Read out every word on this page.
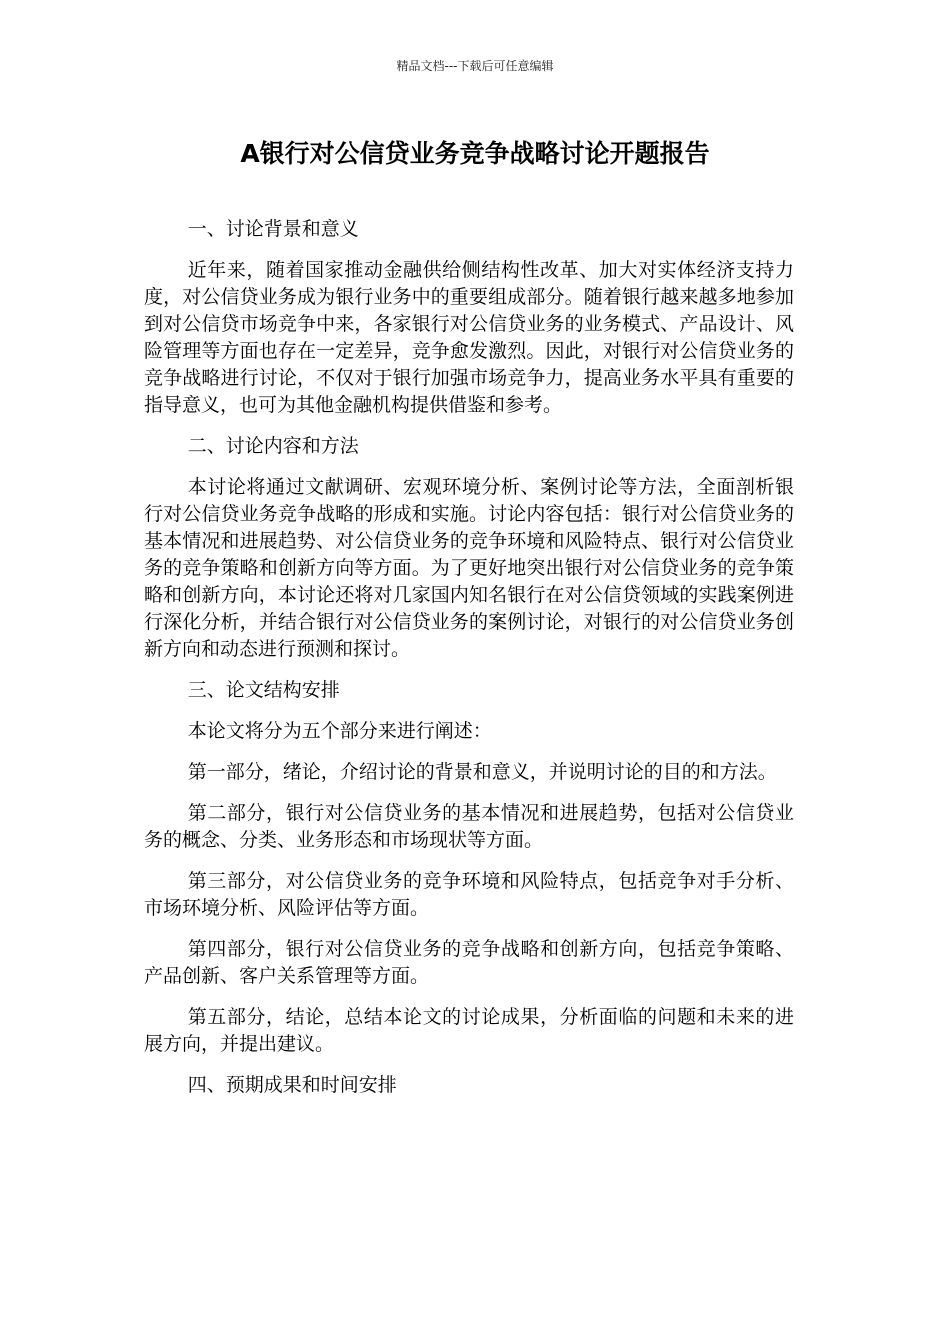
精品文档---下载后可任意编辑
A银行对公信贷业务竞争战略讨论开题报告

一、讨论背景和意义

近年来，随着国家推动金融供给侧结构性改革、加大对实体经济支持力度，对公信贷业务成为银行业务中的重要组成部分。随着银行越来越多地参加到对公信贷市场竞争中来，各家银行对公信贷业务的业务模式、产品设计、风险管理等方面也存在一定差异，竞争愈发激烈。因此，对银行对公信贷业务的竞争战略进行讨论，不仅对于银行加强市场竞争力，提高业务水平具有重要的指导意义，也可为其他金融机构提供借鉴和参考。

二、讨论内容和方法

本讨论将通过文献调研、宏观环境分析、案例讨论等方法，全面剖析银行对公信贷业务竞争战略的形成和实施。讨论内容包括：银行对公信贷业务的基本情况和进展趋势、对公信贷业务的竞争环境和风险特点、银行对公信贷业务的竞争策略和创新方向等方面。为了更好地突出银行对公信贷业务的竞争策略和创新方向，本讨论还将对几家国内知名银行在对公信贷领域的实践案例进行深化分析，并结合银行对公信贷业务的案例讨论，对银行的对公信贷业务创新方向和动态进行预测和探讨。

三、论文结构安排

本论文将分为五个部分来进行阐述：

第一部分，绪论，介绍讨论的背景和意义，并说明讨论的目的和方法。

第二部分，银行对公信贷业务的基本情况和进展趋势，包括对公信贷业务的概念、分类、业务形态和市场现状等方面。

第三部分，对公信贷业务的竞争环境和风险特点，包括竞争对手分析、市场环境分析、风险评估等方面。

第四部分，银行对公信贷业务的竞争战略和创新方向，包括竞争策略、产品创新、客户关系管理等方面。

第五部分，结论，总结本论文的讨论成果，分析面临的问题和未来的进展方向，并提出建议。

四、预期成果和时间安排
